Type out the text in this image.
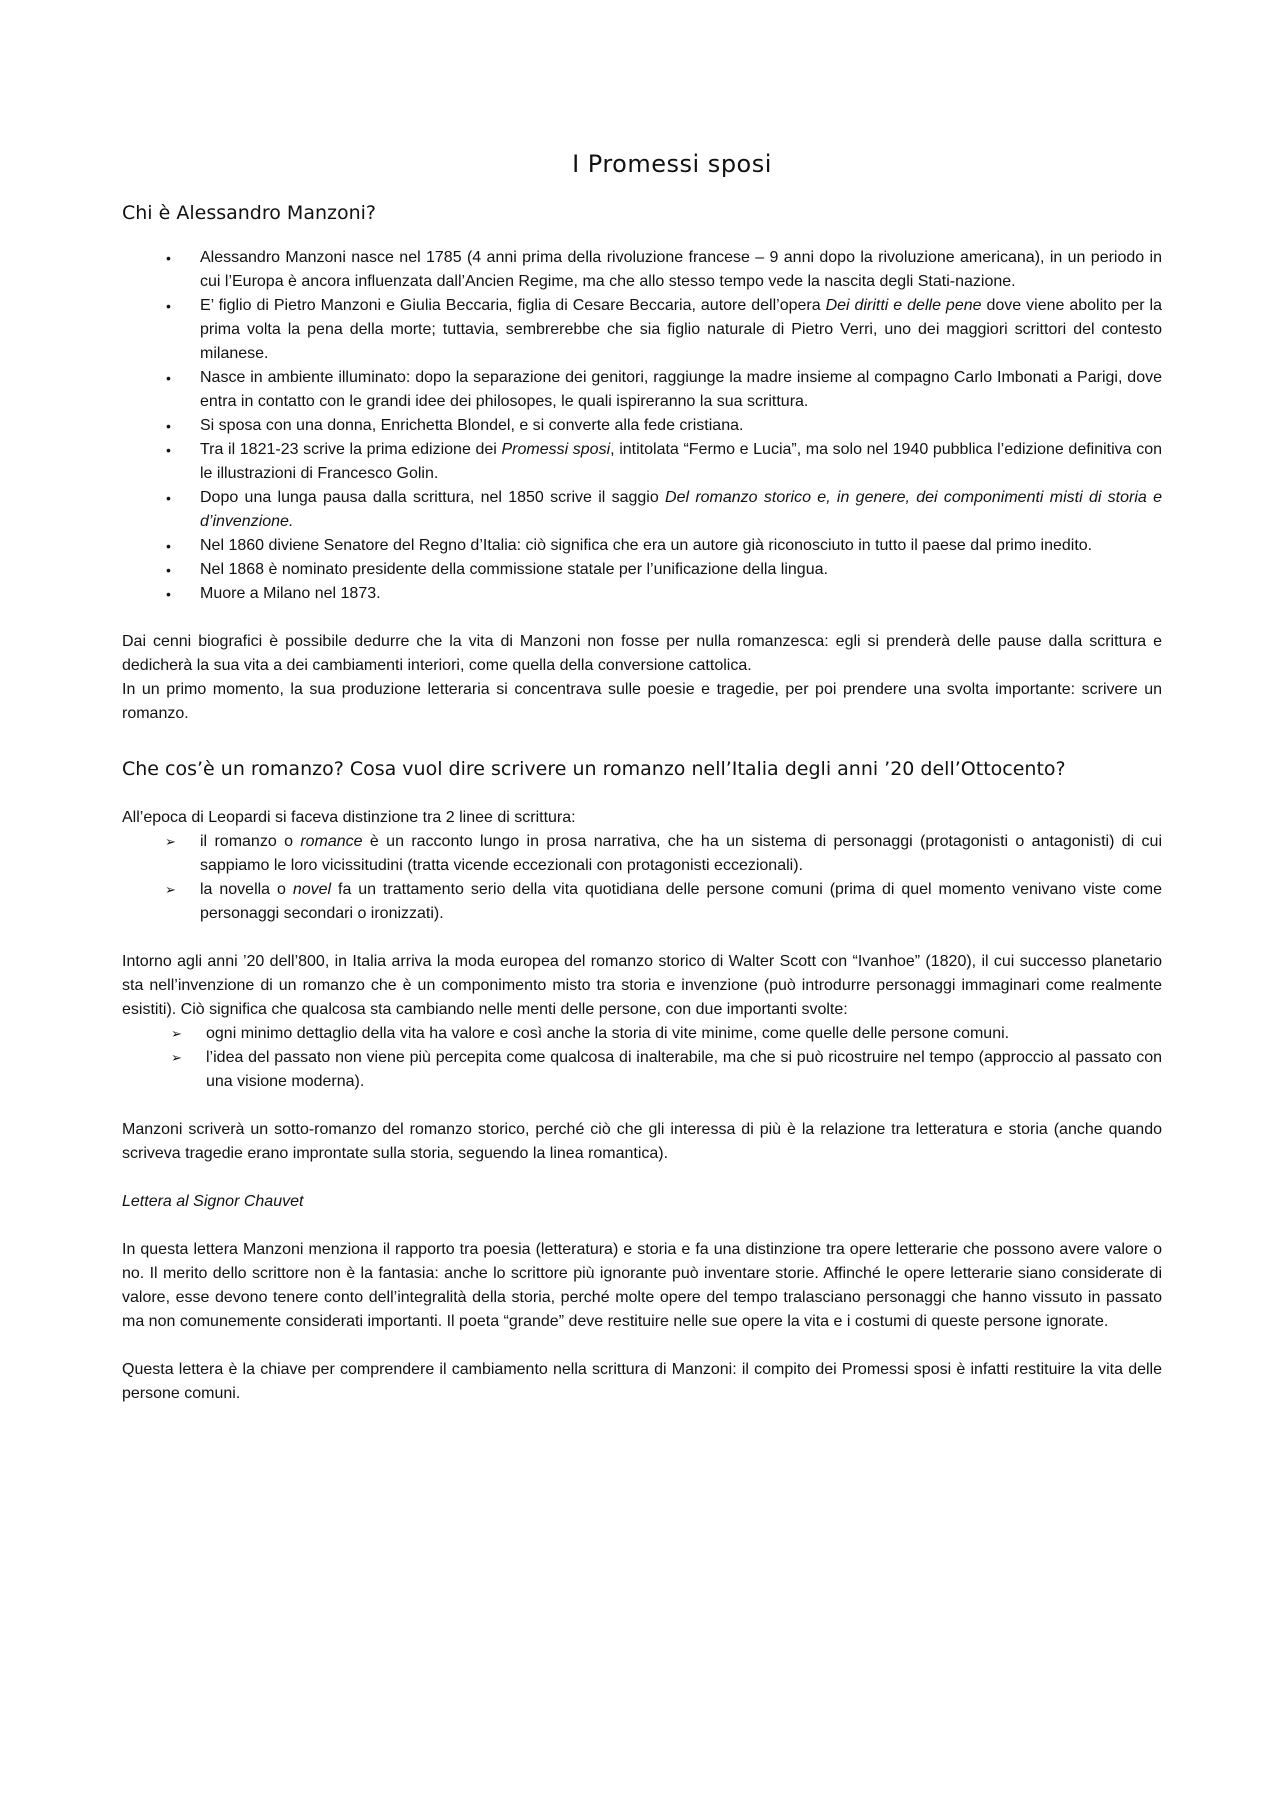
I Promessi sposi
Chi è Alessandro Manzoni?
• Alessandro Manzoni nasce nel 1785 (4 anni prima della rivoluzione francese – 9 anni dopo la rivoluzione americana), in un periodo in cui l’Europa è ancora influenzata dall’Ancien Regime, ma che allo stesso tempo vede la nascita degli Stati-nazione.
• E’ figlio di Pietro Manzoni e Giulia Beccaria, figlia di Cesare Beccaria, autore dell’opera Dei diritti e delle pene dove viene abolito per la prima volta la pena della morte; tuttavia, sembrerebbe che sia figlio naturale di Pietro Verri, uno dei maggiori scrittori del contesto milanese.
• Nasce in ambiente illuminato: dopo la separazione dei genitori, raggiunge la madre insieme al compagno Carlo Imbonati a Parigi, dove entra in contatto con le grandi idee dei philosopes, le quali ispireranno la sua scrittura.
• Si sposa con una donna, Enrichetta Blondel, e si converte alla fede cristiana.
• Tra il 1821-23 scrive la prima edizione dei Promessi sposi, intitolata “Fermo e Lucia”, ma solo nel 1940 pubblica l’edizione definitiva con le illustrazioni di Francesco Golin.
• Dopo una lunga pausa dalla scrittura, nel 1850 scrive il saggio Del romanzo storico e, in genere, dei componimenti misti di storia e d’invenzione.
• Nel 1860 diviene Senatore del Regno d’Italia: ciò significa che era un autore già riconosciuto in tutto il paese dal primo inedito.
• Nel 1868 è nominato presidente della commissione statale per l’unificazione della lingua.
• Muore a Milano nel 1873.

Dai cenni biografici è possibile dedurre che la vita di Manzoni non fosse per nulla romanzesca: egli si prenderà delle pause dalla scrittura e dedicherà la sua vita a dei cambiamenti interiori, come quella della conversione cattolica.

In un primo momento, la sua produzione letteraria si concentrava sulle poesie e tragedie, per poi prendere una svolta importante: scrivere un romanzo.

Che cos’è un romanzo? Cosa vuol dire scrivere un romanzo nell’Italia degli anni ’20 dell’Ottocento?

All’epoca di Leopardi si faceva distinzione tra 2 linee di scrittura:

➢ il romanzo o romance è un racconto lungo in prosa narrativa, che ha un sistema di personaggi (protagonisti o antagonisti) di cui sappiamo le loro vicissitudini (tratta vicende eccezionali con protagonisti eccezionali).
➢ la novella o novel fa un trattamento serio della vita quotidiana delle persone comuni (prima di quel momento venivano viste come personaggi secondari o ironizzati).

Intorno agli anni ’20 dell’800, in Italia arriva la moda europea del romanzo storico di Walter Scott con “Ivanhoe” (1820), il cui successo planetario sta nell’invenzione di un romanzo che è un componimento misto tra storia e invenzione (può introdurre personaggi immaginari come realmente esistiti). Ciò significa che qualcosa sta cambiando nelle menti delle persone, con due importanti svolte:

➢ ogni minimo dettaglio della vita ha valore e così anche la storia di vite minime, come quelle delle persone comuni.
➢ l’idea del passato non viene più percepita come qualcosa di inalterabile, ma che si può ricostruire nel tempo (approccio al passato con una visione moderna).

Manzoni scriverà un sotto-romanzo del romanzo storico, perché ciò che gli interessa di più è la relazione tra letteratura e storia (anche quando scriveva tragedie erano improntate sulla storia, seguendo la linea romantica).

Lettera al Signor Chauvet

In questa lettera Manzoni menziona il rapporto tra poesia (letteratura) e storia e fa una distinzione tra opere letterarie che possono avere valore o no. Il merito dello scrittore non è la fantasia: anche lo scrittore più ignorante può inventare storie. Affinché le opere letterarie siano considerate di valore, esse devono tenere conto dell’integralità della storia, perché molte opere del tempo tralasciano personaggi che hanno vissuto in passato ma non comunemente considerati importanti. Il poeta “grande” deve restituire nelle sue opere la vita e i costumi di queste persone ignorate.

Questa lettera è la chiave per comprendere il cambiamento nella scrittura di Manzoni: il compito dei Promessi sposi è infatti restituire la vita delle persone comuni.
